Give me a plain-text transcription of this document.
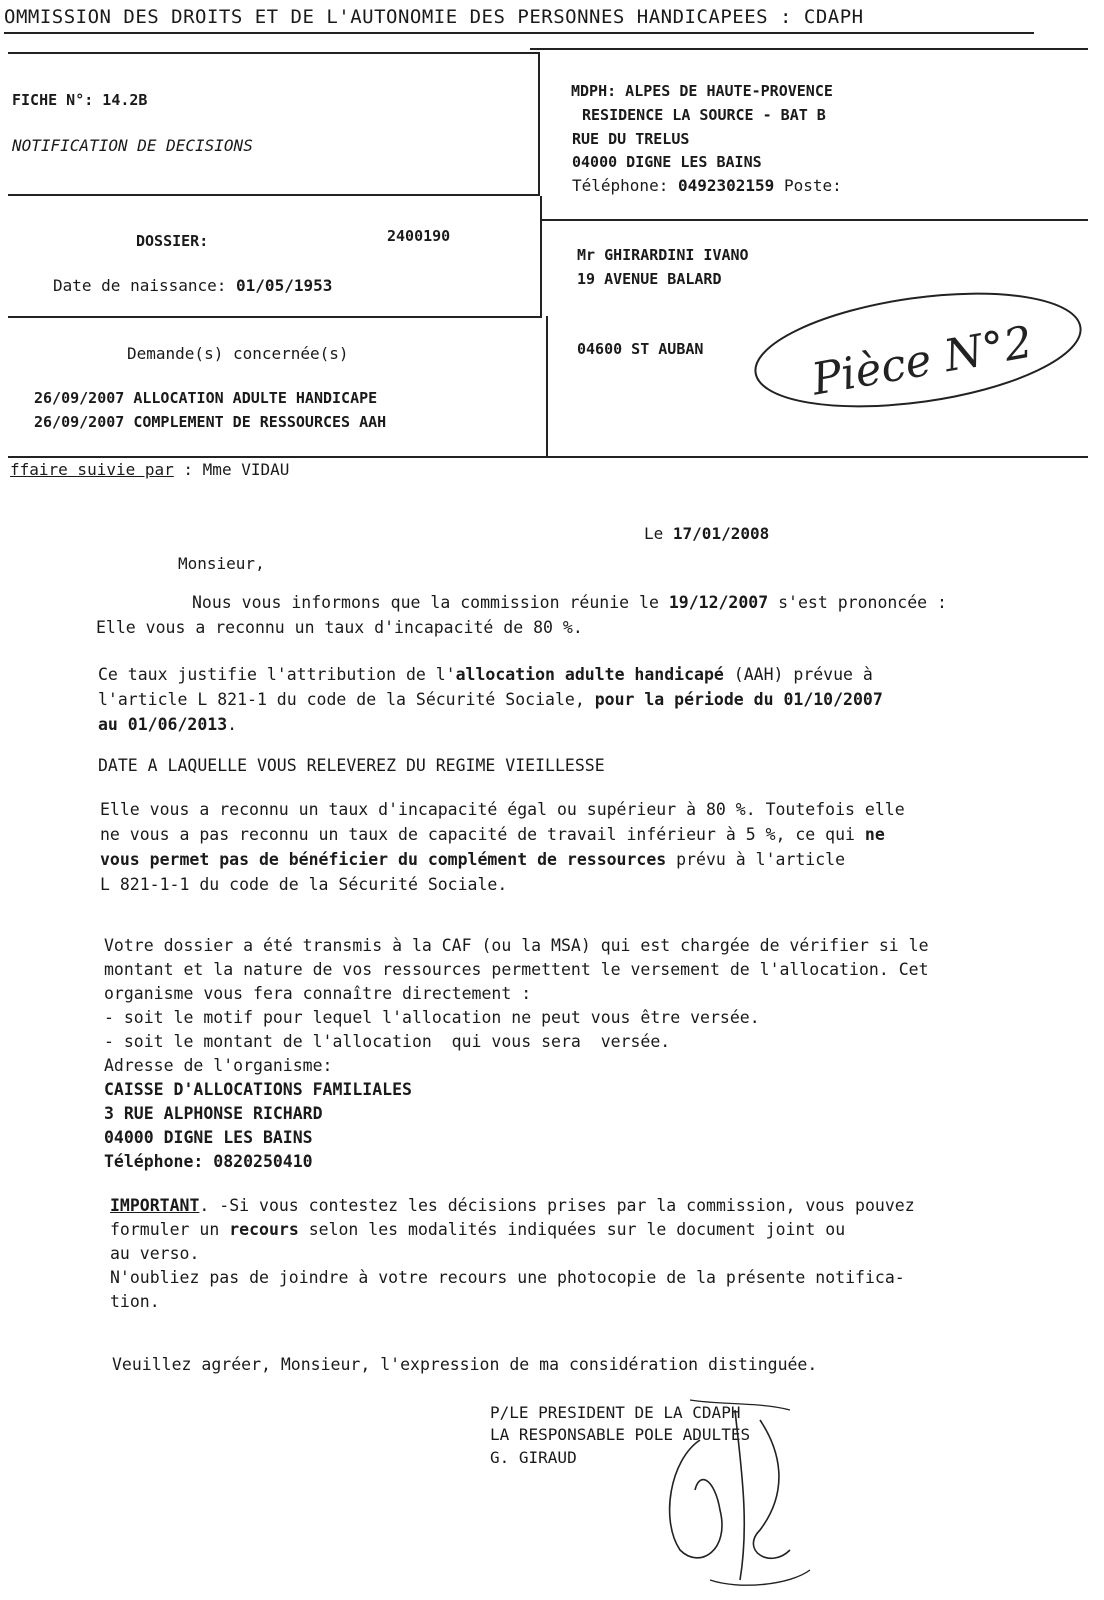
OMMISSION DES DROITS ET DE L'AUTONOMIE DES PERSONNES HANDICAPEES : CDAPH
FICHE N°: 14.2B
NOTIFICATION DE DECISIONS
MDPH: ALPES DE HAUTE-PROVENCE
RESIDENCE LA SOURCE - BAT B
RUE DU TRELUS
04000 DIGNE LES BAINS
Téléphone: 0492302159 Poste:
DOSSIER:	2400190
Date de naissance: 01/05/1953
Mr GHIRARDINI IVANO
19 AVENUE BALARD
04600 ST AUBAN Pièce N°2
Demande(s) concernée(s)
26/09/2007 ALLOCATION ADULTE HANDICAPE
26/09/2007 COMPLEMENT DE RESSOURCES AAH
ffaire suivie par : Mme VIDAU
Le 17/01/2008
Monsieur,
Nous vous informons que la commission réunie le 19/12/2007 s'est prononcée :
Elle vous a reconnu un taux d'incapacité de 80 %.
Ce taux justifie l'attribution de l'allocation adulte handicapé (AAH) prévue à
l'article L 821-1 du code de la Sécurité Sociale, pour la période du 01/10/2007
au 01/06/2013.
DATE A LAQUELLE VOUS RELEVEREZ DU REGIME VIEILLESSE
Elle vous a reconnu un taux d'incapacité égal ou supérieur à 80 %. Toutefois elle
ne vous a pas reconnu un taux de capacité de travail inférieur à 5 %, ce qui ne
vous permet pas de bénéficier du complément de ressources prévu à l'article
L 821-1-1 du code de la Sécurité Sociale.
Votre dossier a été transmis à la CAF (ou la MSA) qui est chargée de vérifier si le
montant et la nature de vos ressources permettent le versement de l'allocation. Cet
organisme vous fera connaître directement :
- soit le motif pour lequel l'allocation ne peut vous être versée.
- soit le montant de l'allocation  qui vous sera  versée.
Adresse de l'organisme:
CAISSE D'ALLOCATIONS FAMILIALES
3 RUE ALPHONSE RICHARD
04000 DIGNE LES BAINS
Téléphone: 0820250410
IMPORTANT. -Si vous contestez les décisions prises par la commission, vous pouvez
formuler un recours selon les modalités indiquées sur le document joint ou
au verso.
N'oubliez pas de joindre à votre recours une photocopie de la présente notifica-
tion.
Veuillez agréer, Monsieur, l'expression de ma considération distinguée.
P/LE PRESIDENT DE LA CDAPH
LA RESPONSABLE POLE ADULTES
G. GIRAUD
